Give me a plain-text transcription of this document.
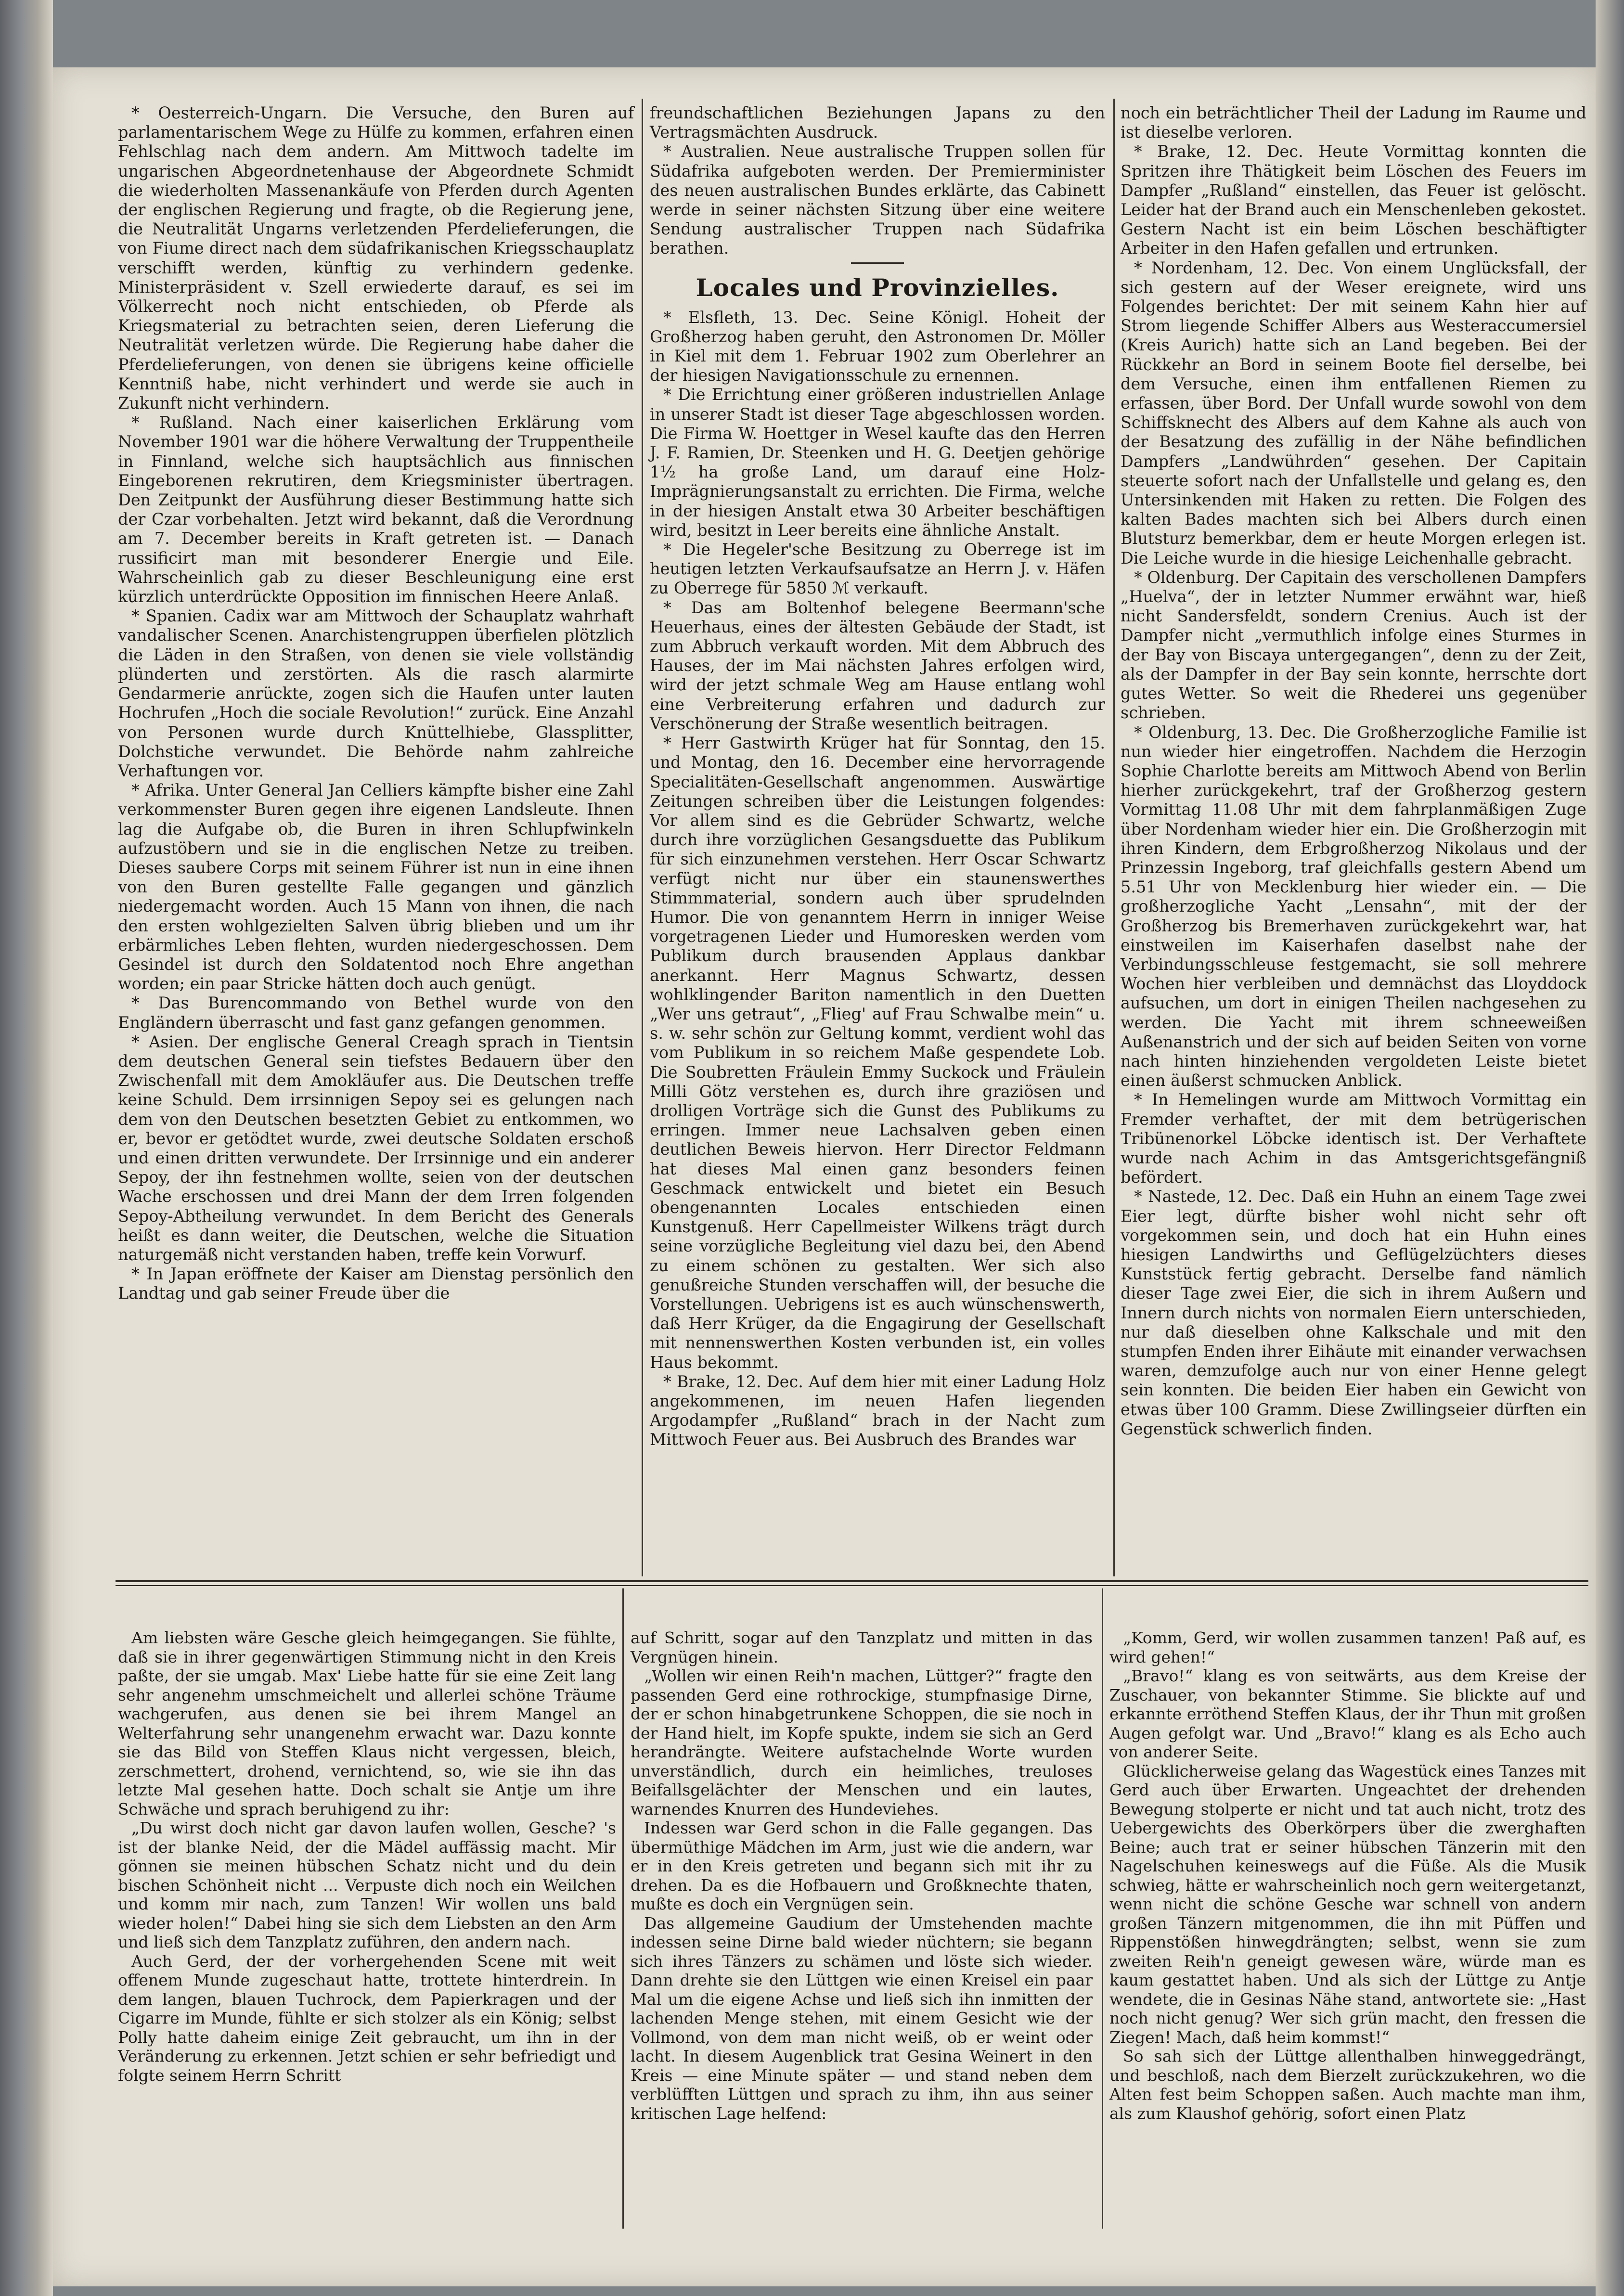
* Oesterreich-Ungarn. Die Versuche, den Buren auf parlamentarischem Wege zu Hülfe zu kommen, erfahren einen Fehlschlag nach dem andern. Am Mittwoch tadelte im ungarischen Abgeordnetenhause der Abgeordnete Schmidt die wiederholten Massenankäufe von Pferden durch Agenten der englischen Regierung und fragte, ob die Regierung jene, die Neutralität Ungarns verletzenden Pferdelieferungen, die von Fiume direct nach dem südafrikanischen Kriegsschauplatz verschifft werden, künftig zu verhindern gedenke. Ministerpräsident v. Szell erwiederte darauf, es sei im Völkerrecht noch nicht entschieden, ob Pferde als Kriegsmaterial zu betrachten seien, deren Lieferung die Neutralität verletzen würde. Die Regierung habe daher die Pferdelieferungen, von denen sie übrigens keine officielle Kenntniß habe, nicht verhindert und werde sie auch in Zukunft nicht verhindern.

* Rußland. Nach einer kaiserlichen Erklärung vom November 1901 war die höhere Verwaltung der Truppentheile in Finnland, welche sich hauptsächlich aus finnischen Eingeborenen rekrutiren, dem Kriegsminister übertragen. Den Zeitpunkt der Ausführung dieser Bestimmung hatte sich der Czar vorbehalten. Jetzt wird bekannt, daß die Verordnung am 7. December bereits in Kraft getreten ist. — Danach russificirt man mit besonderer Energie und Eile. Wahrscheinlich gab zu dieser Beschleunigung eine erst kürzlich unterdrückte Opposition im finnischen Heere Anlaß.

* Spanien. Cadix war am Mittwoch der Schauplatz wahrhaft vandalischer Scenen. Anarchistengruppen überfielen plötzlich die Läden in den Straßen, von denen sie viele vollständig plünderten und zerstörten. Als die rasch alarmirte Gendarmerie anrückte, zogen sich die Haufen unter lauten Hochrufen „Hoch die sociale Revolution!“ zurück. Eine Anzahl von Personen wurde durch Knüttelhiebe, Glassplitter, Dolchstiche verwundet. Die Behörde nahm zahlreiche Verhaftungen vor.

* Afrika. Unter General Jan Celliers kämpfte bisher eine Zahl verkommenster Buren gegen ihre eigenen Landsleute. Ihnen lag die Aufgabe ob, die Buren in ihren Schlupfwinkeln aufzustöbern und sie in die englischen Netze zu treiben. Dieses saubere Corps mit seinem Führer ist nun in eine ihnen von den Buren gestellte Falle gegangen und gänzlich niedergemacht worden. Auch 15 Mann von ihnen, die nach den ersten wohlgezielten Salven übrig blieben und um ihr erbärmliches Leben flehten, wurden niedergeschossen. Dem Gesindel ist durch den Soldatentod noch Ehre angethan worden; ein paar Stricke hätten doch auch genügt.

* Das Burencommando von Bethel wurde von den Engländern überrascht und fast ganz gefangen genommen.

* Asien. Der englische General Creagh sprach in Tientsin dem deutschen General sein tiefstes Bedauern über den Zwischenfall mit dem Amokläufer aus. Die Deutschen treffe keine Schuld. Dem irrsinnigen Sepoy sei es gelungen nach dem von den Deutschen besetzten Gebiet zu entkommen, wo er, bevor er getödtet wurde, zwei deutsche Soldaten erschoß und einen dritten verwundete. Der Irrsinnige und ein anderer Sepoy, der ihn festnehmen wollte, seien von der deutschen Wache erschossen und drei Mann der dem Irren folgenden Sepoy-Abtheilung verwundet. In dem Bericht des Generals heißt es dann weiter, die Deutschen, welche die Situation naturgemäß nicht verstanden haben, treffe kein Vorwurf.

* In Japan eröffnete der Kaiser am Dienstag persönlich den Landtag und gab seiner Freude über die

freundschaftlichen Beziehungen Japans zu den Vertragsmächten Ausdruck.

* Australien. Neue australische Truppen sollen für Südafrika aufgeboten werden. Der Premierminister des neuen australischen Bundes erklärte, das Cabinett werde in seiner nächsten Sitzung über eine weitere Sendung australischer Truppen nach Südafrika berathen.

Locales und Provinzielles.

* Elsfleth, 13. Dec. Seine Königl. Hoheit der Großherzog haben geruht, den Astronomen Dr. Möller in Kiel mit dem 1. Februar 1902 zum Oberlehrer an der hiesigen Navigationsschule zu ernennen.

* Die Errichtung einer größeren industriellen Anlage in unserer Stadt ist dieser Tage abgeschlossen worden. Die Firma W. Hoettger in Wesel kaufte das den Herren J. F. Ramien, Dr. Steenken und H. G. Deetjen gehörige 1½ ha große Land, um darauf eine Holz-Imprägnierungsanstalt zu errichten. Die Firma, welche in der hiesigen Anstalt etwa 30 Arbeiter beschäftigen wird, besitzt in Leer bereits eine ähnliche Anstalt.

* Die Hegeler'sche Besitzung zu Oberrege ist im heutigen letzten Verkaufsaufsatze an Herrn J. v. Häfen zu Oberrege für 5850 ℳ verkauft.

* Das am Boltenhof belegene Beermann'sche Heuerhaus, eines der ältesten Gebäude der Stadt, ist zum Abbruch verkauft worden. Mit dem Abbruch des Hauses, der im Mai nächsten Jahres erfolgen wird, wird der jetzt schmale Weg am Hause entlang wohl eine Verbreiterung erfahren und dadurch zur Verschönerung der Straße wesentlich beitragen.

* Herr Gastwirth Krüger hat für Sonntag, den 15. und Montag, den 16. December eine hervorragende Specialitäten-Gesellschaft angenommen. Auswärtige Zeitungen schreiben über die Leistungen folgendes: Vor allem sind es die Gebrüder Schwartz, welche durch ihre vorzüglichen Gesangsduette das Publikum für sich einzunehmen verstehen. Herr Oscar Schwartz verfügt nicht nur über ein staunenswerthes Stimmmaterial, sondern auch über sprudelnden Humor. Die von genanntem Herrn in inniger Weise vorgetragenen Lieder und Humoresken werden vom Publikum durch brausenden Applaus dankbar anerkannt. Herr Magnus Schwartz, dessen wohlklingender Bariton namentlich in den Duetten „Wer uns getraut“, „Flieg' auf Frau Schwalbe mein“ u. s. w. sehr schön zur Geltung kommt, verdient wohl das vom Publikum in so reichem Maße gespendete Lob. Die Soubretten Fräulein Emmy Suckock und Fräulein Milli Götz verstehen es, durch ihre graziösen und drolligen Vorträge sich die Gunst des Publikums zu erringen. Immer neue Lachsalven geben einen deutlichen Beweis hiervon. Herr Director Feldmann hat dieses Mal einen ganz besonders feinen Geschmack entwickelt und bietet ein Besuch obengenannten Locales entschieden einen Kunstgenuß. Herr Capellmeister Wilkens trägt durch seine vorzügliche Begleitung viel dazu bei, den Abend zu einem schönen zu gestalten. Wer sich also genußreiche Stunden verschaffen will, der besuche die Vorstellungen. Uebrigens ist es auch wünschenswerth, daß Herr Krüger, da die Engagirung der Gesellschaft mit nennenswerthen Kosten verbunden ist, ein volles Haus bekommt.

* Brake, 12. Dec. Auf dem hier mit einer Ladung Holz angekommenen, im neuen Hafen liegenden Argodampfer „Rußland“ brach in der Nacht zum Mittwoch Feuer aus. Bei Ausbruch des Brandes war

noch ein beträchtlicher Theil der Ladung im Raume und ist dieselbe verloren.

* Brake, 12. Dec. Heute Vormittag konnten die Spritzen ihre Thätigkeit beim Löschen des Feuers im Dampfer „Rußland“ einstellen, das Feuer ist gelöscht. Leider hat der Brand auch ein Menschenleben gekostet. Gestern Nacht ist ein beim Löschen beschäftigter Arbeiter in den Hafen gefallen und ertrunken.

* Nordenham, 12. Dec. Von einem Unglücksfall, der sich gestern auf der Weser ereignete, wird uns Folgendes berichtet: Der mit seinem Kahn hier auf Strom liegende Schiffer Albers aus Westeraccumersiel (Kreis Aurich) hatte sich an Land begeben. Bei der Rückkehr an Bord in seinem Boote fiel derselbe, bei dem Versuche, einen ihm entfallenen Riemen zu erfassen, über Bord. Der Unfall wurde sowohl von dem Schiffsknecht des Albers auf dem Kahne als auch von der Besatzung des zufällig in der Nähe befindlichen Dampfers „Landwührden“ gesehen. Der Capitain steuerte sofort nach der Unfallstelle und gelang es, den Untersinkenden mit Haken zu retten. Die Folgen des kalten Bades machten sich bei Albers durch einen Blutsturz bemerkbar, dem er heute Morgen erlegen ist. Die Leiche wurde in die hiesige Leichenhalle gebracht.

* Oldenburg. Der Capitain des verschollenen Dampfers „Huelva“, der in letzter Nummer erwähnt war, hieß nicht Sandersfeldt, sondern Crenius. Auch ist der Dampfer nicht „vermuthlich infolge eines Sturmes in der Bay von Biscaya untergegangen“, denn zu der Zeit, als der Dampfer in der Bay sein konnte, herrschte dort gutes Wetter. So weit die Rhederei uns gegenüber schrieben.

* Oldenburg, 13. Dec. Die Großherzogliche Familie ist nun wieder hier eingetroffen. Nachdem die Herzogin Sophie Charlotte bereits am Mittwoch Abend von Berlin hierher zurückgekehrt, traf der Großherzog gestern Vormittag 11.08 Uhr mit dem fahrplanmäßigen Zuge über Nordenham wieder hier ein. Die Großherzogin mit ihren Kindern, dem Erbgroßherzog Nikolaus und der Prinzessin Ingeborg, traf gleichfalls gestern Abend um 5.51 Uhr von Mecklenburg hier wieder ein. — Die großherzogliche Yacht „Lensahn“, mit der der Großherzog bis Bremerhaven zurückgekehrt war, hat einstweilen im Kaiserhafen daselbst nahe der Verbindungsschleuse festgemacht, sie soll mehrere Wochen hier verbleiben und demnächst das Lloyddock aufsuchen, um dort in einigen Theilen nachgesehen zu werden. Die Yacht mit ihrem schneeweißen Außenanstrich und der sich auf beiden Seiten von vorne nach hinten hinziehenden vergoldeten Leiste bietet einen äußerst schmucken Anblick.

* In Hemelingen wurde am Mittwoch Vormittag ein Fremder verhaftet, der mit dem betrügerischen Tribünenorkel Löbcke identisch ist. Der Verhaftete wurde nach Achim in das Amtsgerichtsgefängniß befördert.

* Nastede, 12. Dec. Daß ein Huhn an einem Tage zwei Eier legt, dürfte bisher wohl nicht sehr oft vorgekommen sein, und doch hat ein Huhn eines hiesigen Landwirths und Geflügelzüchters dieses Kunststück fertig gebracht. Derselbe fand nämlich dieser Tage zwei Eier, die sich in ihrem Außern und Innern durch nichts von normalen Eiern unterschieden, nur daß dieselben ohne Kalkschale und mit den stumpfen Enden ihrer Eihäute mit einander verwachsen waren, demzufolge auch nur von einer Henne gelegt sein konnten. Die beiden Eier haben ein Gewicht von etwas über 100 Gramm. Diese Zwillingseier dürften ein Gegenstück schwerlich finden.

Am liebsten wäre Gesche gleich heimgegangen. Sie fühlte, daß sie in ihrer gegenwärtigen Stimmung nicht in den Kreis paßte, der sie umgab. Max' Liebe hatte für sie eine Zeit lang sehr angenehm umschmeichelt und allerlei schöne Träume wachgerufen, aus denen sie bei ihrem Mangel an Welterfahrung sehr unangenehm erwacht war. Dazu konnte sie das Bild von Steffen Klaus nicht vergessen, bleich, zerschmettert, drohend, vernichtend, so, wie sie ihn das letzte Mal gesehen hatte. Doch schalt sie Antje um ihre Schwäche und sprach beruhigend zu ihr:

„Du wirst doch nicht gar davon laufen wollen, Gesche? 's ist der blanke Neid, der die Mädel auffässig macht. Mir gönnen sie meinen hübschen Schatz nicht und du dein bischen Schönheit nicht ... Verpuste dich noch ein Weilchen und komm mir nach, zum Tanzen! Wir wollen uns bald wieder holen!“ Dabei hing sie sich dem Liebsten an den Arm und ließ sich dem Tanzplatz zuführen, den andern nach.

Auch Gerd, der der vorhergehenden Scene mit weit offenem Munde zugeschaut hatte, trottete hinterdrein. In dem langen, blauen Tuchrock, dem Papierkragen und der Cigarre im Munde, fühlte er sich stolzer als ein König; selbst Polly hatte daheim einige Zeit gebraucht, um ihn in der Veränderung zu erkennen. Jetzt schien er sehr befriedigt und folgte seinem Herrn Schritt

auf Schritt, sogar auf den Tanzplatz und mitten in das Vergnügen hinein.

„Wollen wir einen Reih'n machen, Lüttger?“ fragte den passenden Gerd eine rothrockige, stumpfnasige Dirne, der er schon hinabgetrunkene Schoppen, die sie noch in der Hand hielt, im Kopfe spukte, indem sie sich an Gerd herandrängte. Weitere aufstachelnde Worte wurden unverständlich, durch ein heimliches, treuloses Beifallsgelächter der Menschen und ein lautes, warnendes Knurren des Hundeviehes.

Indessen war Gerd schon in die Falle gegangen. Das übermüthige Mädchen im Arm, just wie die andern, war er in den Kreis getreten und begann sich mit ihr zu drehen. Da es die Hofbauern und Großknechte thaten, mußte es doch ein Vergnügen sein.

Das allgemeine Gaudium der Umstehenden machte indessen seine Dirne bald wieder nüchtern; sie begann sich ihres Tänzers zu schämen und löste sich wieder. Dann drehte sie den Lüttgen wie einen Kreisel ein paar Mal um die eigene Achse und ließ sich ihn inmitten der lachenden Menge stehen, mit einem Gesicht wie der Vollmond, von dem man nicht weiß, ob er weint oder lacht. In diesem Augenblick trat Gesina Weinert in den Kreis — eine Minute später — und stand neben dem verblüfften Lüttgen und sprach zu ihm, ihn aus seiner kritischen Lage helfend:

„Komm, Gerd, wir wollen zusammen tanzen! Paß auf, es wird gehen!“

„Bravo!“ klang es von seitwärts, aus dem Kreise der Zuschauer, von bekannter Stimme. Sie blickte auf und erkannte erröthend Steffen Klaus, der ihr Thun mit großen Augen gefolgt war. Und „Bravo!“ klang es als Echo auch von anderer Seite.

Glücklicherweise gelang das Wagestück eines Tanzes mit Gerd auch über Erwarten. Ungeachtet der drehenden Bewegung stolperte er nicht und tat auch nicht, trotz des Uebergewichts des Oberkörpers über die zwerghaften Beine; auch trat er seiner hübschen Tänzerin mit den Nagelschuhen keineswegs auf die Füße. Als die Musik schwieg, hätte er wahrscheinlich noch gern weitergetanzt, wenn nicht die schöne Gesche war schnell von andern großen Tänzern mitgenommen, die ihn mit Püffen und Rippenstößen hinwegdrängten; selbst, wenn sie zum zweiten Reih'n geneigt gewesen wäre, würde man es kaum gestattet haben. Und als sich der Lüttge zu Antje wendete, die in Gesinas Nähe stand, antwortete sie: „Hast noch nicht genug? Wer sich grün macht, den fressen die Ziegen! Mach, daß heim kommst!“

So sah sich der Lüttge allenthalben hinweggedrängt, und beschloß, nach dem Bierzelt zurückzukehren, wo die Alten fest beim Schoppen saßen. Auch machte man ihm, als zum Klaushof gehörig, sofort einen Platz
